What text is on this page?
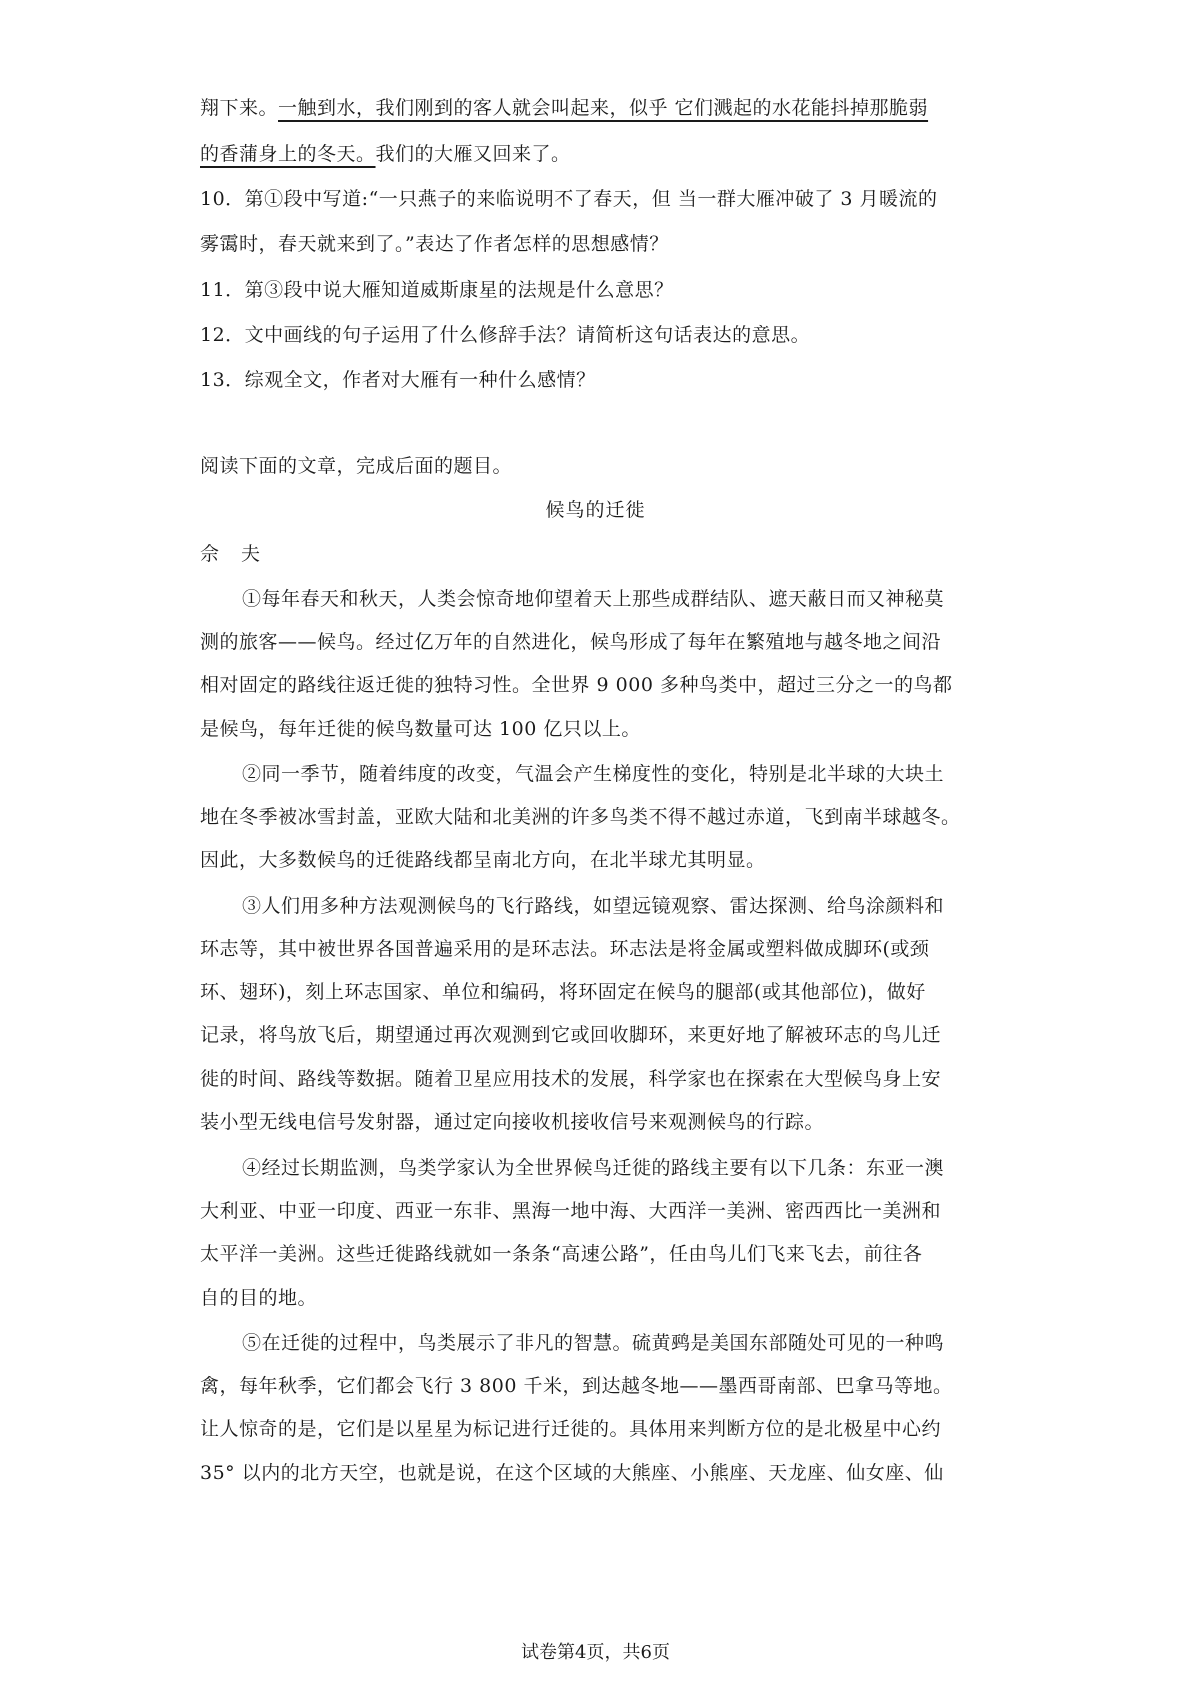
翔下来。一触到水，我们刚到的客人就会叫起来，似乎 它们溅起的水花能抖掉那脆弱
的香蒲身上的冬天。我们的大雁又回来了。
10．第①段中写道:“一只燕子的来临说明不了春天，但 当一群大雁冲破了 3 月暖流的
雾霭时，春天就来到了。”表达了作者怎样的思想感情？
11．第③段中说大雁知道威斯康星的法规是什么意思？
12．文中画线的句子运用了什么修辞手法？请简析这句话表达的意思。
13．综观全文，作者对大雁有一种什么感情？
阅读下面的文章，完成后面的题目。
候鸟的迁徙
佘 夫
①每年春天和秋天，人类会惊奇地仰望着天上那些成群结队、遮天蔽日而又神秘莫
测的旅客——候鸟。经过亿万年的自然进化，候鸟形成了每年在繁殖地与越冬地之间沿
相对固定的路线往返迁徙的独特习性。全世界 9 000 多种鸟类中，超过三分之一的鸟都
是候鸟，每年迁徙的候鸟数量可达 100 亿只以上。
②同一季节，随着纬度的改变，气温会产生梯度性的变化，特别是北半球的大块土
地在冬季被冰雪封盖，亚欧大陆和北美洲的许多鸟类不得不越过赤道，飞到南半球越冬。
因此，大多数候鸟的迁徙路线都呈南北方向，在北半球尤其明显。
③人们用多种方法观测候鸟的飞行路线，如望远镜观察、雷达探测、给鸟涂颜料和
环志等，其中被世界各国普遍采用的是环志法。环志法是将金属或塑料做成脚环(或颈
环、翅环)，刻上环志国家、单位和编码，将环固定在候鸟的腿部(或其他部位)，做好
记录，将鸟放飞后，期望通过再次观测到它或回收脚环，来更好地了解被环志的鸟儿迁
徙的时间、路线等数据。随着卫星应用技术的发展，科学家也在探索在大型候鸟身上安
装小型无线电信号发射器，通过定向接收机接收信号来观测候鸟的行踪。
④经过长期监测，鸟类学家认为全世界候鸟迁徙的路线主要有以下几条：东亚一澳
大利亚、中亚一印度、西亚一东非、黑海一地中海、大西洋一美洲、密西西比一美洲和
太平洋一美洲。这些迁徙路线就如一条条“高速公路”，任由鸟儿们飞来飞去，前往各
自的目的地。
⑤在迁徙的过程中，鸟类展示了非凡的智慧。硫黄鹀是美国东部随处可见的一种鸣
禽，每年秋季，它们都会飞行 3 800 千米，到达越冬地——墨西哥南部、巴拿马等地。
让人惊奇的是，它们是以星星为标记进行迁徙的。具体用来判断方位的是北极星中心约
35° 以内的北方天空，也就是说，在这个区域的大熊座、小熊座、天龙座、仙女座、仙
试卷第4页，共6页
